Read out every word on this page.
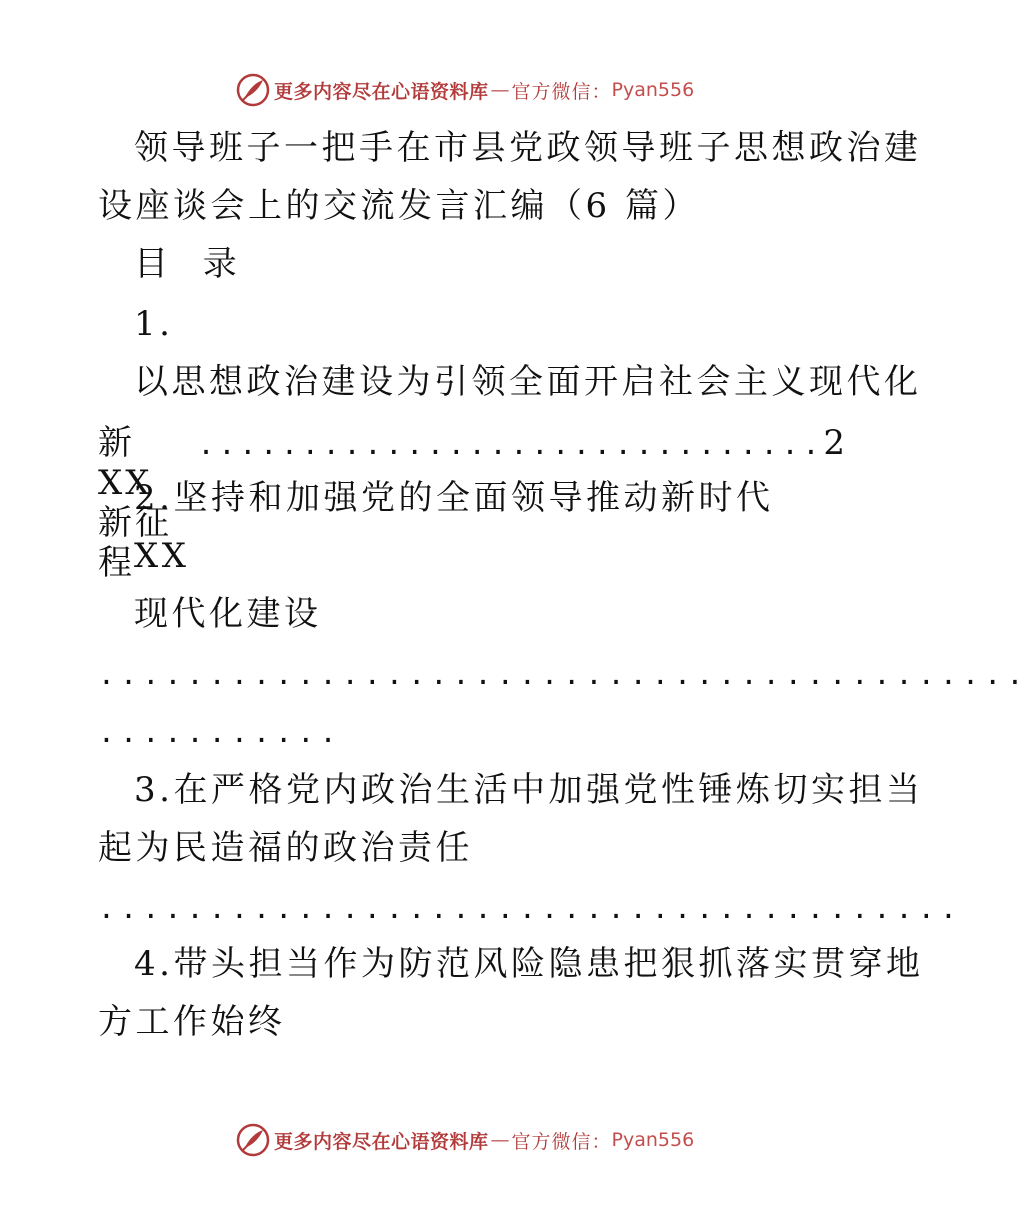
更多内容尽在心语资料库 — 官方微信： Pyan556
领导班子一把手在市县党政领导班子思想政治建
设座谈会上的交流发言汇编（6 篇）
目 录
1.
以思想政治建设为引领全面开启社会主义现代化
新 XX 新征程
.............................. 2
2.坚持和加强党的全面领导推动新时代
XX
现代化建设
..........................................
...........
3.在严格党内政治生活中加强党性锤炼切实担当
起为民造福的政治责任
.......................................
4.带头担当作为防范风险隐患把狠抓落实贯穿地
方工作始终
更多内容尽在心语资料库 — 官方微信： Pyan556
